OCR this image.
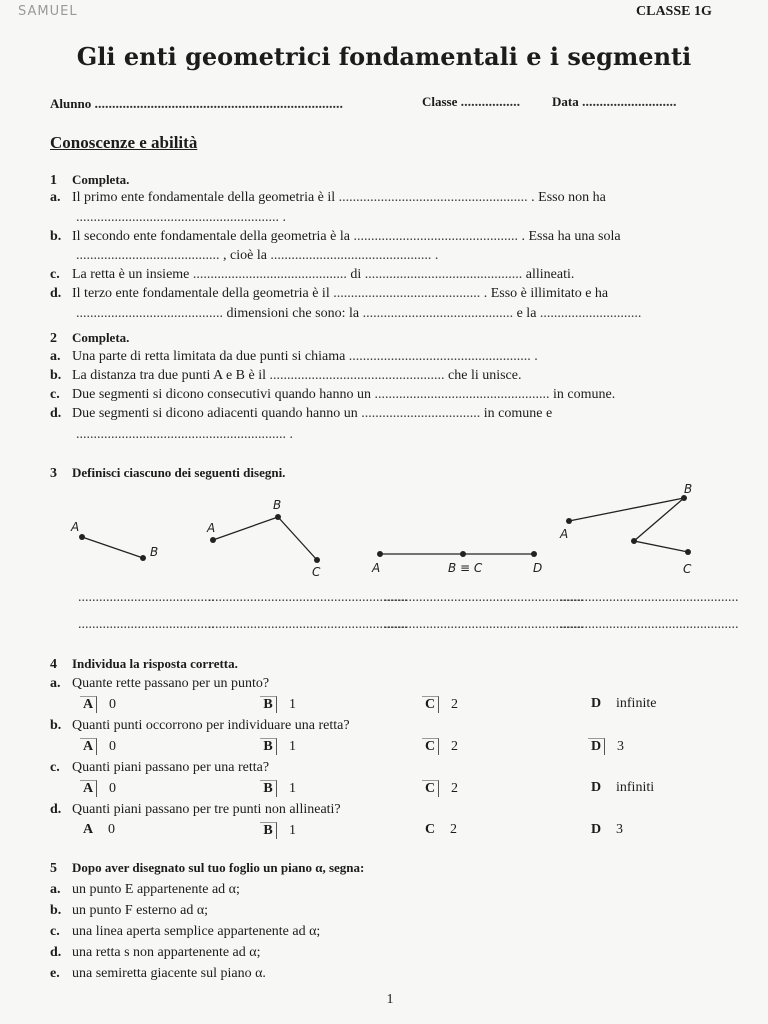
SAMUEL	CLASSE 1G
Gli enti geometrici fondamentali e i segmenti
Alunno .......................................................................	Classe ................. Data ...........................
Conoscenze e abilità
1 Completa.
a. Il primo ente fondamentale della geometria è il ...................................................... . Esso non ha
.......................................................... .
b. Il secondo ente fondamentale della geometria è la ............................................... . Essa ha una sola
......................................... , cioè la .............................................. .
c. La retta è un insieme ............................................ di ............................................. allineati.
d. Il terzo ente fondamentale della geometria è il .......................................... . Esso è illimitato e ha
.......................................... dimensioni che sono: la ........................................... e la .............................
2 Completa.
a. Una parte di retta limitata da due punti si chiama .................................................... .
b. La distanza tra due punti A e B è il .................................................. che li unisce.
c. Due segmenti si dicono consecutivi quando hanno un .................................................. in comune.
d. Due segmenti si dicono adiacenti quando hanno un .................................. in comune e
............................................................ .
3 Definisci ciascuno dei seguenti disegni.
A
B
A
B
C	A	B ≡ C	D
B
A
C
.......................................
.........................................................
.........................................................
...................................................
.......................................
.........................................................
.........................................................
...................................................
4 Individua la risposta corretta.
a. Quante rette passano per un punto?
A 0	B 1	C 2	D infinite
b. Quanti punti occorrono per individuare una retta?
A 0	B 1	C 2	D 3
c. Quanti piani passano per una retta?
A 0	B 1	C 2	D infiniti
d. Quanti piani passano per tre punti non allineati?
A 0	B 1	C 2	D 3
5 Dopo aver disegnato sul tuo foglio un piano α, segna:
a. un punto E appartenente ad α;
b. un punto F esterno ad α;
c. una linea aperta semplice appartenente ad α;
d. una retta s non appartenente ad α;
e. una semiretta giacente sul piano α.
1
